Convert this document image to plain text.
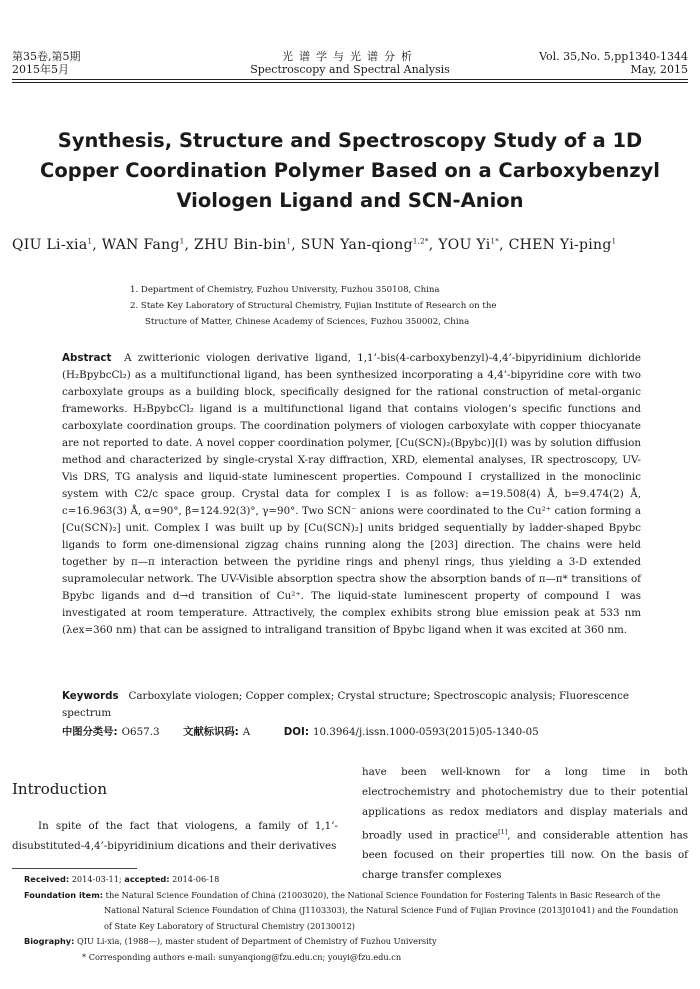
第35卷,第5期
2015年5月
光谱学与光谱分析
Spectroscopy and Spectral Analysis
Vol. 35,No. 5,pp1340-1344
May, 2015
Synthesis, Structure and Spectroscopy Study of a 1D Copper Coordination Polymer Based on a Carboxybenzyl Viologen Ligand and SCN-Anion
QIU Li-xia$^1$, WAN Fang$^1$, ZHU Bin-bin$^1$, SUN Yan-qiong$^{1,2*}$, YOU $Yi^{1*}$, CHEN Yi-ping$^1$
1. Department of Chemistry, Fuzhou University, Fuzhou 350108, China
2. State Key Laboratory of Structural Chemistry, Fujian Institute of Research on the
Structure of Matter, Chinese Academy of Sciences, Fuzhou 350002, China
Abstract A zwitterionic viologen derivative ligand, 1,1’-bis(4-carboxybenzyl)-4,4’-bipyridinium dichloride (H₂BpybcCl₂) as a multifunctional ligand, has been synthesized incorporating a 4,4’-bipyridine core with two carboxylate groups as a building block, specifically designed for the rational construction of metal-organic frameworks. H₂BpybcCl₂ ligand is a multifunctional ligand that contains viologen’s specific functions and carboxylate coordination groups. The coordination polymers of viologen carboxylate with copper thiocyanate are not reported to date. A novel copper coordination polymer, [Cu(SCN)₂(Bpybc)](Ⅰ) was by solution diffusion method and characterized by single-crystal X-ray diffraction, XRD, elemental analyses, IR spectroscopy, UV-Vis DRS, TG analysis and liquid-state luminescent properties. Compound Ⅰ crystallized in the monoclinic system with C2/c space group. Crystal data for complex Ⅰ is as follow: a=19.508(4) Å, b=9.474(2) Å, c=16.963(3) Å, α=90°, β=124.92(3)°, γ=90°. Two SCN⁻ anions were coordinated to the Cu²⁺ cation forming a [Cu(SCN)₂] unit. Complex Ⅰ was built up by [Cu(SCN)₂] units bridged sequentially by ladder-shaped Bpybc ligands to form one-dimensional zigzag chains running along the [203] direction. The chains were held together by π—π interaction between the pyridine rings and phenyl rings, thus yielding a 3-D extended supramolecular network. The UV-Visible absorption spectra show the absorption bands of π—π* transitions of Bpybc ligands and d→d transition of Cu²⁺. The liquid-state luminescent property of compound Ⅰ was investigated at room temperature. Attractively, the complex exhibits strong blue emission peak at 533 nm (λex=360 nm) that can be assigned to intraligand transition of Bpybc ligand when it was excited at 360 nm.
Keywords Carboxylate viologen; Copper complex; Crystal structure; Spectroscopic analysis; Fluorescence spectrum
中图分类号: O657.3 文献标识码: A	DOI: 10.3964/j.issn.1000-0593(2015)05-1340-05
Introduction
In spite of the fact that viologens, a family of 1,1’-disubstituted-4,4’-bipyridinium dications and their derivatives
have been well-known for a long time in both electrochemistry and photochemistry due to their potential applications as redox mediators and display materials and broadly used in practice[1], and considerable attention has been focused on their properties till now. On the basis of charge transfer complexes
Received: 2014-03-11; accepted: 2014-06-18
Foundation item: the Natural Science Foundation of China (21003020), the National Science Foundation for Fostering Talents in Basic Research of the National Natural Science Foundation of China (J1103303), the Natural Science Fund of Fujian Province (2013J01041) and the Foundation of State Key Laboratory of Structural Chemistry (20130012)
Biography: QIU Li-xia, (1988—), master student of Department of Chemistry of Fuzhou University
* Corresponding authors e-mail: sunyanqiong@fzu.edu.cn; youyi@fzu.edu.cn
